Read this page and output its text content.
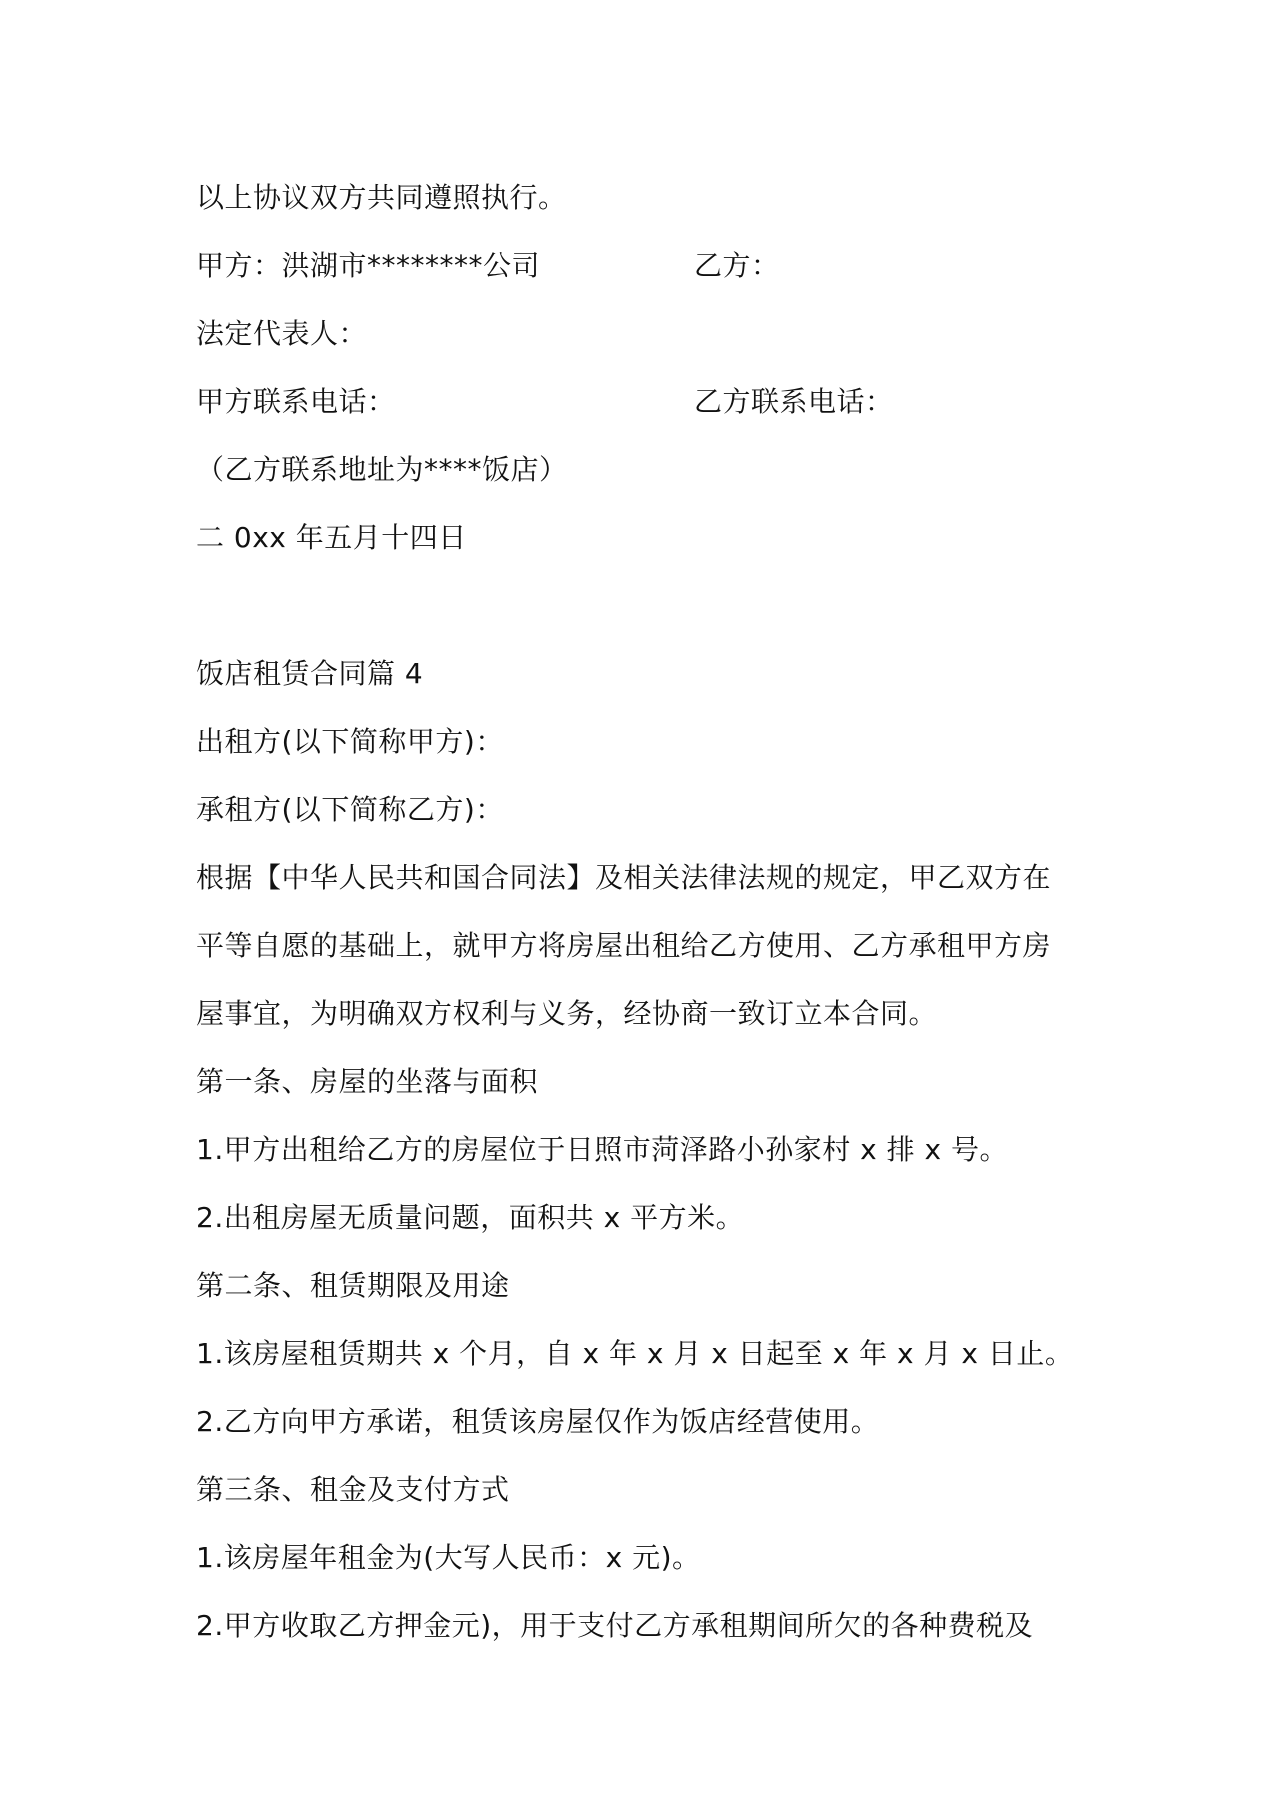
以上协议双方共同遵照执行。
甲方：洪湖市********公司	乙方：
法定代表人：
甲方联系电话：	乙方联系电话：
（乙方联系地址为****饭店）
二 0xx 年五月十四日
饭店租赁合同篇 4
出租方(以下简称甲方)：
承租方(以下简称乙方)：
根据【中华人民共和国合同法】及相关法律法规的规定，甲乙双方在
平等自愿的基础上，就甲方将房屋出租给乙方使用、乙方承租甲方房
屋事宜，为明确双方权利与义务，经协商一致订立本合同。
第一条、房屋的坐落与面积
1.甲方出租给乙方的房屋位于日照市菏泽路小孙家村 x 排 x 号。
2.出租房屋无质量问题，面积共 x 平方米。
第二条、租赁期限及用途
1.该房屋租赁期共 x 个月，自 x 年 x 月 x 日起至 x 年 x 月 x 日止。
2.乙方向甲方承诺，租赁该房屋仅作为饭店经营使用。
第三条、租金及支付方式
1.该房屋年租金为(大写人民币：x 元)。
2.甲方收取乙方押金元)，用于支付乙方承租期间所欠的各种费税及
